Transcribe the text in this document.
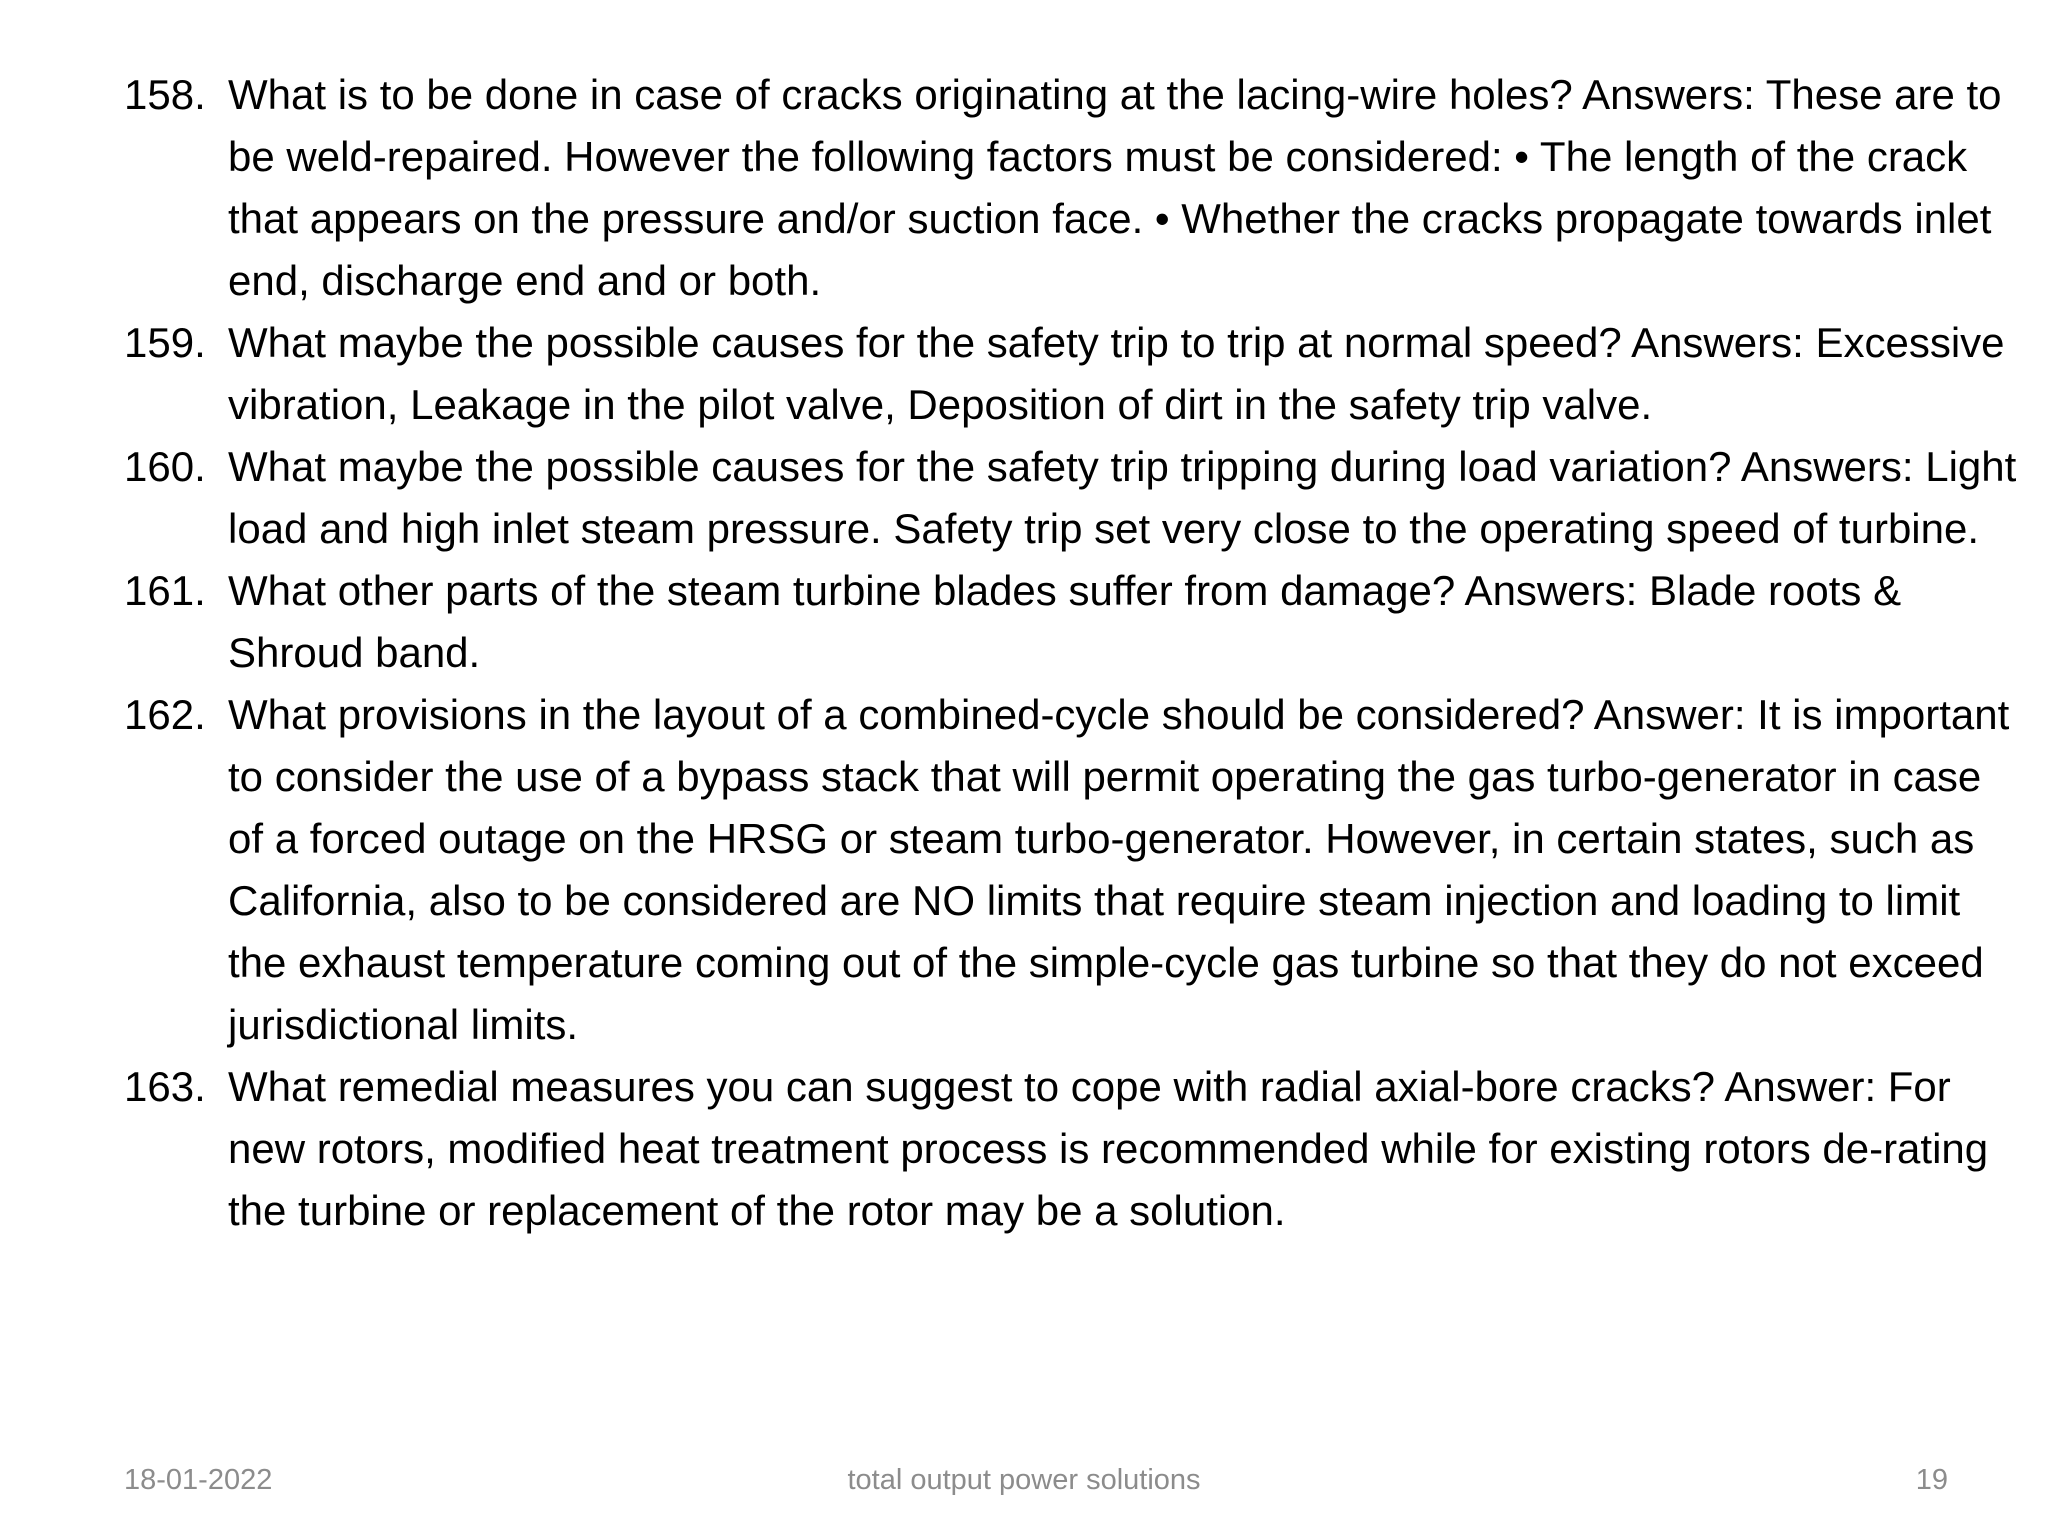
158. What is to be done in case of cracks originating at the lacing-wire holes? Answers: These are to be weld-repaired. However the following factors must be considered: • The length of the crack that appears on the pressure and/or suction face. • Whether the cracks propagate towards inlet end, discharge end and or both.
159. What maybe the possible causes for the safety trip to trip at normal speed? Answers: Excessive vibration, Leakage in the pilot valve, Deposition of dirt in the safety trip valve.
160. What maybe the possible causes for the safety trip tripping during load variation? Answers: Light load and high inlet steam pressure. Safety trip set very close to the operating speed of turbine.
161. What other parts of the steam turbine blades suffer from damage? Answers: Blade roots & Shroud band.
162. What provisions in the layout of a combined-cycle should be considered? Answer: It is important to consider the use of a bypass stack that will permit operating the gas turbo-generator in case of a forced outage on the HRSG or steam turbo-generator. However, in certain states, such as California, also to be considered are NO limits that require steam injection and loading to limit the exhaust temperature coming out of the simple-cycle gas turbine so that they do not exceed jurisdictional limits.
163. What remedial measures you can suggest to cope with radial axial-bore cracks? Answer: For new rotors, modified heat treatment process is recommended while for existing rotors de-rating the turbine or replacement of the rotor may be a solution.
18-01-2022	total output power solutions	19
